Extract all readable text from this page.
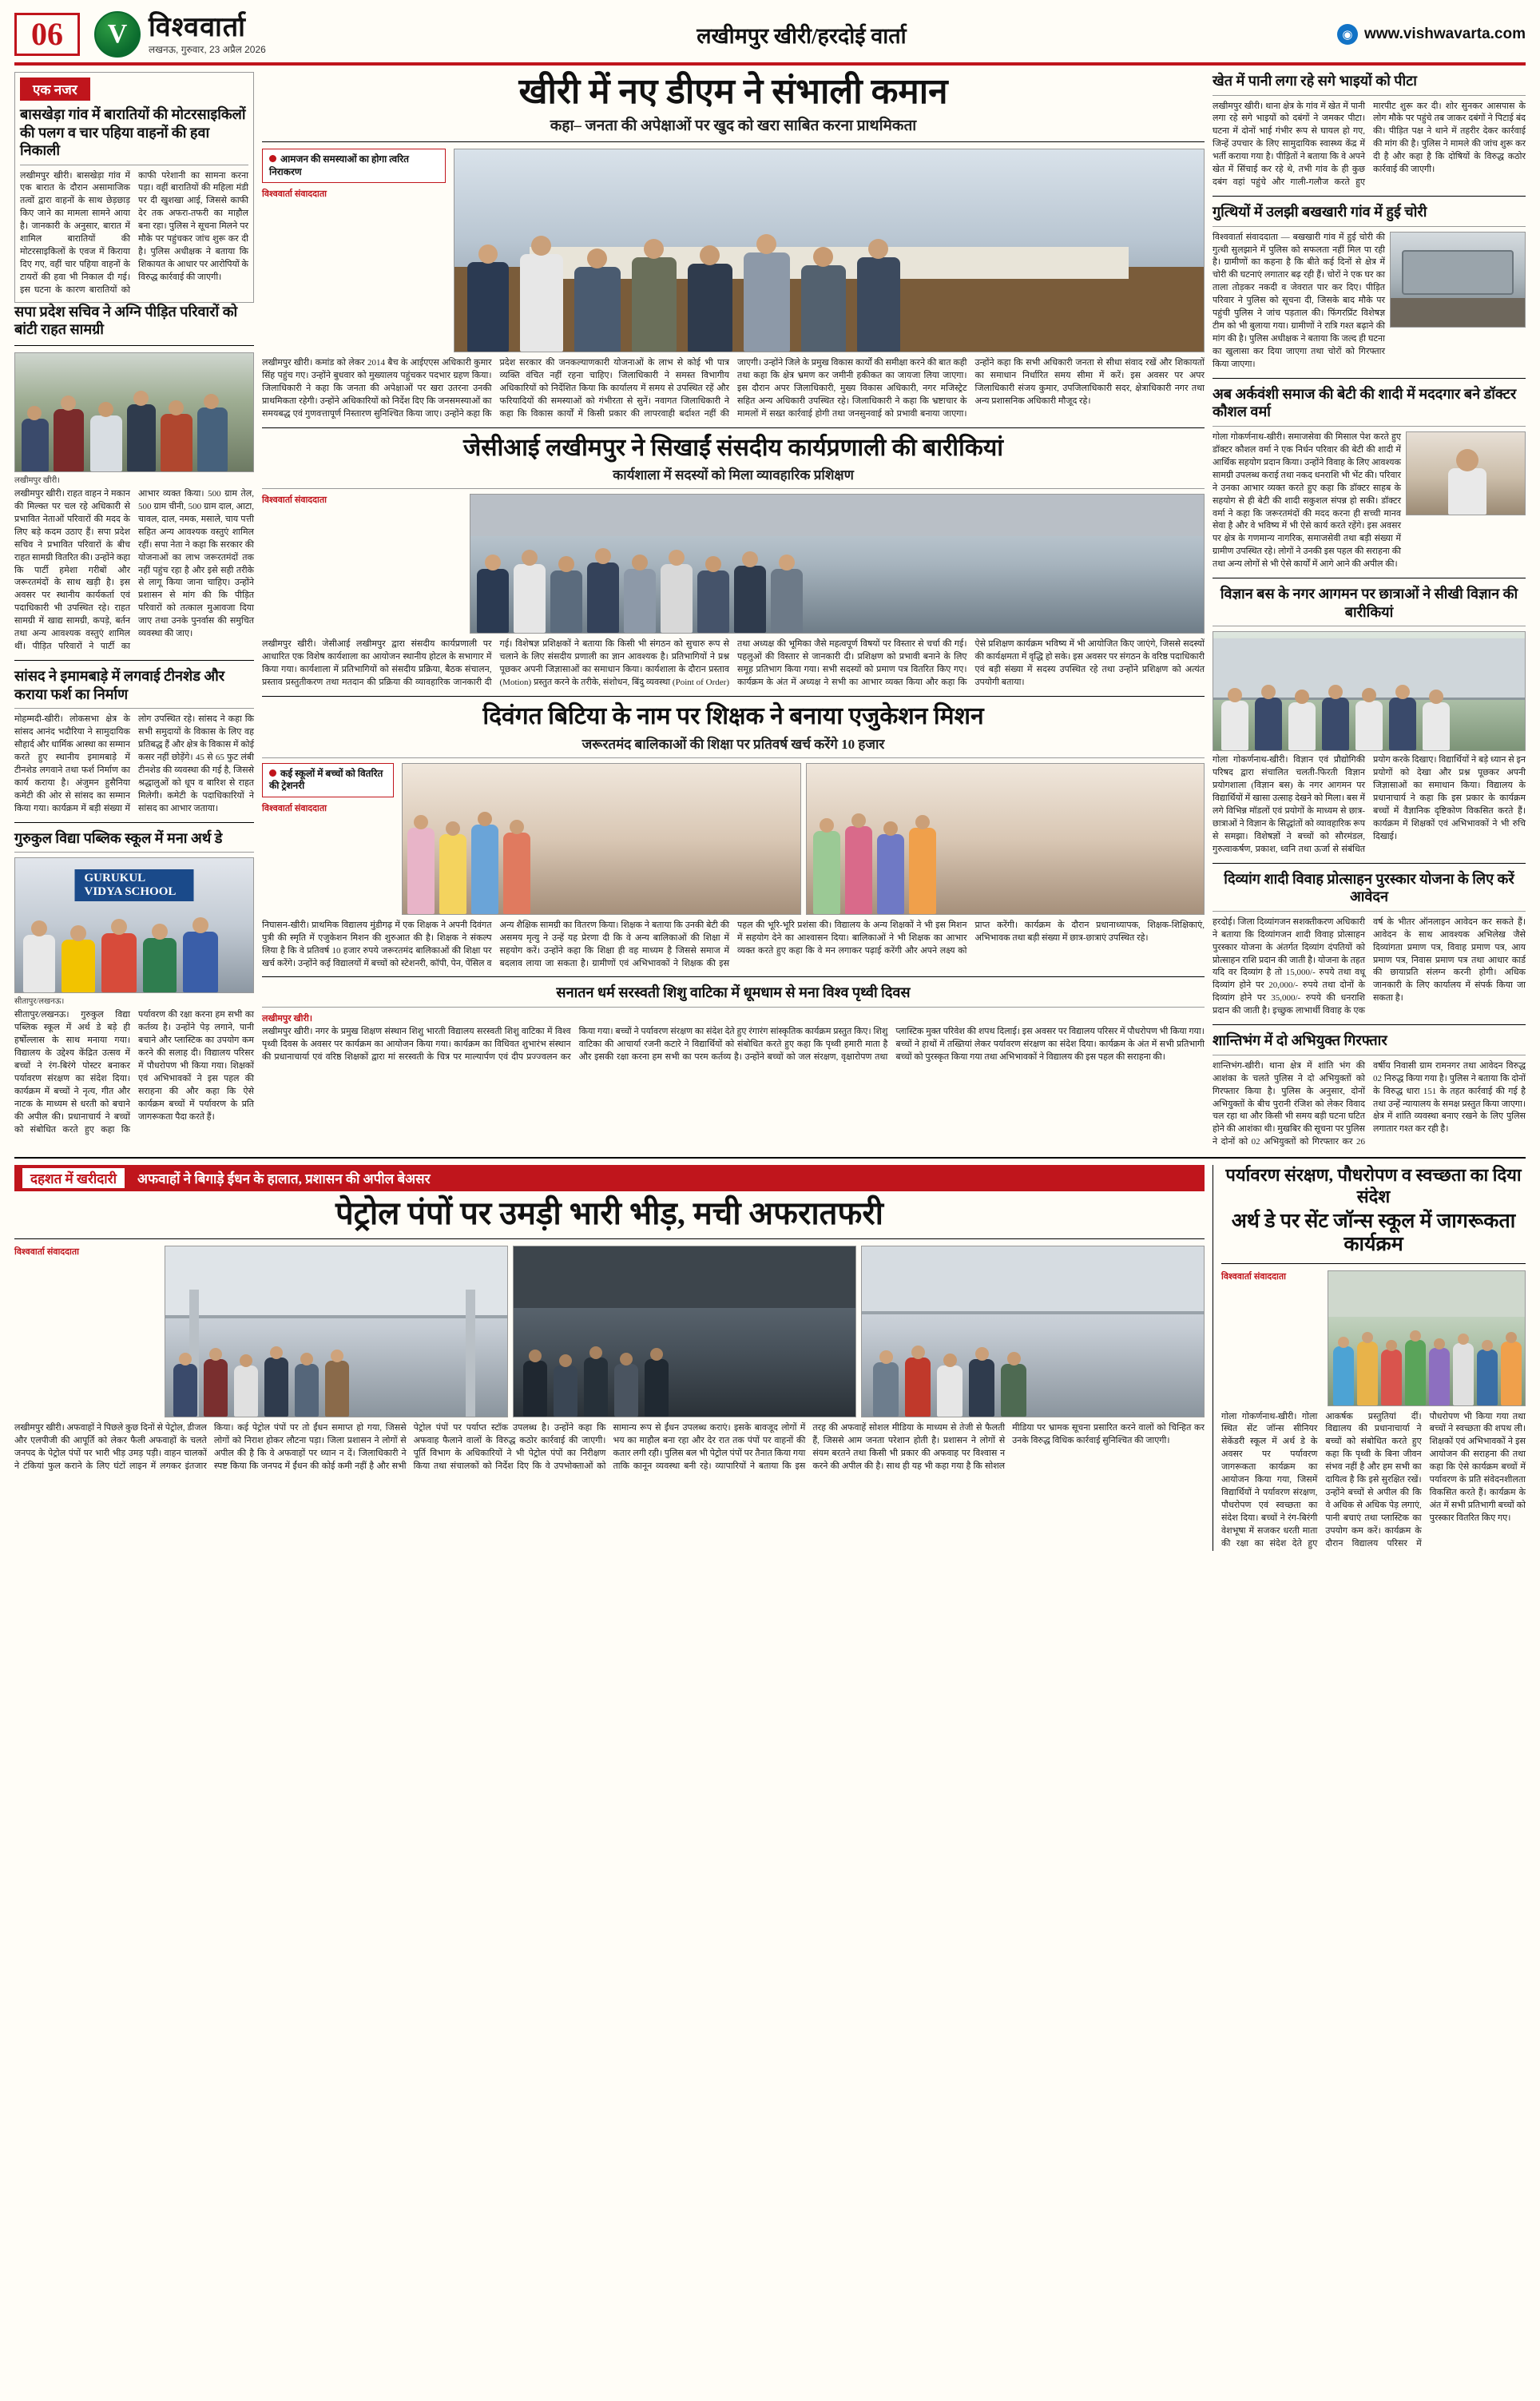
06	V विश्ववार्ता
लखनऊ, गुरुवार, 23 अप्रैल 2026
लखीमपुर खीरी/हरदोई वार्ता	◉ www.vishwavarta.com
एक नजर
बासखेड़ा गांव में बारातियों की मोटरसाइकिलों की पलग व चार पहिया वाहनों की हवा निकाली
लखीमपुर खीरी। बासखेड़ा गांव में एक बारात के दौरान असामाजिक तत्वों द्वारा वाहनों के साथ छेड़छाड़ किए जाने का मामला सामने आया है। जानकारी के अनुसार, बारात में शामिल बारातियों की मोटरसाइकिलों के एवज में किराया दिए गए, वहीं चार पहिया वाहनों के टायरों की हवा भी निकाल दी गई। इस घटना के कारण बारातियों को काफी परेशानी का सामना करना पड़ा। वहीं बारातियों की महिला मंडी पर दी खुशखा आई, जिससे काफी देर तक अफरा-तफरी का माहौल बना रहा। पुलिस ने सूचना मिलने पर मौके पर पहुंचकर जांच शुरू कर दी है। पुलिस अधीक्षक ने बताया कि शिकायत के आधार पर आरोपियों के विरुद्ध कार्रवाई की जाएगी।
सपा प्रदेश सचिव ने अग्नि पीड़ित परिवारों को बांटी राहत सामग्री
लखीमपुर खीरी।
लखीमपुर खीरी। राहत वाहन ने मकान की मिल्क्त पर चल रहे अधिकारी से प्रभावित नेताओं परिवारों की मदद के लिए बड़े कदम उठाए हैं। सपा प्रदेश सचिव ने प्रभावित परिवारों के बीच राहत सामग्री वितरित की। उन्होंने कहा कि पार्टी हमेशा गरीबों और जरूरतमंदों के साथ खड़ी है। इस अवसर पर स्थानीय कार्यकर्ता एवं पदाधिकारी भी उपस्थित रहे। राहत सामग्री में खाद्य सामग्री, कपड़े, बर्तन तथा अन्य आवश्यक वस्तुएं शामिल थीं। पीड़ित परिवारों ने पार्टी का आभार व्यक्त किया। 500 ग्राम तेल, 500 ग्राम चीनी, 500 ग्राम दाल, आटा, चावल, दाल, नमक, मसाले, चाय पत्ती सहित अन्य आवश्यक वस्तुएं शामिल रहीं। सपा नेता ने कहा कि सरकार की योजनाओं का लाभ जरूरतमंदों तक नहीं पहुंच रहा है और इसे सही तरीके से लागू किया जाना चाहिए। उन्होंने प्रशासन से मांग की कि पीड़ित परिवारों को तत्काल मुआवजा दिया जाए तथा उनके पुनर्वास की समुचित व्यवस्था की जाए।
सांसद ने इमामबाड़े में लगवाई टीनशेड और कराया फर्श का निर्माण
मोहम्मदी-खीरी। लोकसभा क्षेत्र के सांसद आनंद भदौरिया ने सामुदायिक सौहार्द और धार्मिक आस्था का सम्मान करते हुए स्थानीय इमामबाड़े में टीनशेड लगवाने तथा फर्श निर्माण का कार्य कराया है। अंजुमन हुसैनिया कमेटी की ओर से सांसद का सम्मान किया गया। कार्यक्रम में बड़ी संख्या में लोग उपस्थित रहे। सांसद ने कहा कि सभी समुदायों के विकास के लिए वह प्रतिबद्ध हैं और क्षेत्र के विकास में कोई कसर नहीं छोड़ेंगे। 45 से 65 फुट लंबी टीनशेड की व्यवस्था की गई है, जिससे श्रद्धालुओं को धूप व बारिश से राहत मिलेगी। कमेटी के पदाधिकारियों ने सांसद का आभार जताया।
गुरुकुल विद्या पब्लिक स्कूल में मना अर्थ डे
GURUKUL VIDYA SCHOOL
सीतापुर/लखनऊ।
सीतापुर/लखनऊ। गुरुकुल विद्या पब्लिक स्कूल में अर्थ डे बड़े ही हर्षोल्लास के साथ मनाया गया। विद्यालय के उद्देश्य केंद्रित उत्सव में बच्चों ने रंग-बिरंगे पोस्टर बनाकर पर्यावरण संरक्षण का संदेश दिया। कार्यक्रम में बच्चों ने नृत्य, गीत और नाटक के माध्यम से धरती को बचाने की अपील की। प्रधानाचार्य ने बच्चों को संबोधित करते हुए कहा कि पर्यावरण की रक्षा करना हम सभी का कर्तव्य है। उन्होंने पेड़ लगाने, पानी बचाने और प्लास्टिक का उपयोग कम करने की सलाह दी। विद्यालय परिसर में पौधरोपण भी किया गया। शिक्षकों एवं अभिभावकों ने इस पहल की सराहना की और कहा कि ऐसे कार्यक्रम बच्चों में पर्यावरण के प्रति जागरूकता पैदा करते हैं।
खीरी में नए डीएम ने संभाली कमान
कहा– जनता की अपेक्षाओं पर खुद को खरा साबित करना प्राथमिकता
आमजन की समस्याओं का होगा त्वरित निराकरण
विश्ववार्ता संवाददाता
लखीमपुर खीरी। कमांड को लेकर 2014 बैच के आईएएस अधिकारी कुमार सिंह पहुंच गए। उन्होंने बुधवार को मुख्यालय पहुंचकर पदभार ग्रहण किया। जिलाधिकारी ने कहा कि जनता की अपेक्षाओं पर खरा उतरना उनकी प्राथमिकता रहेगी। उन्होंने अधिकारियों को निर्देश दिए कि जनसमस्याओं का समयबद्ध एवं गुणवत्तापूर्ण निस्तारण सुनिश्चित किया जाए। उन्होंने कहा कि प्रदेश सरकार की जनकल्याणकारी योजनाओं के लाभ से कोई भी पात्र व्यक्ति वंचित नहीं रहना चाहिए। जिलाधिकारी ने समस्त विभागीय अधिकारियों को निर्देशित किया कि कार्यालय में समय से उपस्थित रहें और फरियादियों की समस्याओं को गंभीरता से सुनें। नवागत जिलाधिकारी ने कहा कि विकास कार्यों में किसी प्रकार की लापरवाही बर्दाश्त नहीं की जाएगी। उन्होंने जिले के प्रमुख विकास कार्यों की समीक्षा करने की बात कही तथा कहा कि क्षेत्र भ्रमण कर जमीनी हकीकत का जायजा लिया जाएगा। इस दौरान अपर जिलाधिकारी, मुख्य विकास अधिकारी, नगर मजिस्ट्रेट सहित अन्य अधिकारी उपस्थित रहे। जिलाधिकारी ने कहा कि भ्रष्टाचार के मामलों में सख्त कार्रवाई होगी तथा जनसुनवाई को प्रभावी बनाया जाएगा। उन्होंने कहा कि सभी अधिकारी जनता से सीधा संवाद रखें और शिकायतों का समाधान निर्धारित समय सीमा में करें। इस अवसर पर अपर जिलाधिकारी संजय कुमार, उपजिलाधिकारी सदर, क्षेत्राधिकारी नगर तथा अन्य प्रशासनिक अधिकारी मौजूद रहे।
जेसीआई लखीमपुर ने सिखाईं संसदीय कार्यप्रणाली की बारीकियां
कार्यशाला में सदस्यों को मिला व्यावहारिक प्रशिक्षण
विश्ववार्ता संवाददाता
लखीमपुर खीरी। जेसीआई लखीमपुर द्वारा संसदीय कार्यप्रणाली पर आधारित एक विशेष कार्यशाला का आयोजन स्थानीय होटल के सभागार में किया गया। कार्यशाला में प्रतिभागियों को संसदीय प्रक्रिया, बैठक संचालन, प्रस्ताव प्रस्तुतीकरण तथा मतदान की प्रक्रिया की व्यावहारिक जानकारी दी गई। विशेषज्ञ प्रशिक्षकों ने बताया कि किसी भी संगठन को सुचारु रूप से चलाने के लिए संसदीय प्रणाली का ज्ञान आवश्यक है। प्रतिभागियों ने प्रश्न पूछकर अपनी जिज्ञासाओं का समाधान किया। कार्यशाला के दौरान प्रस्ताव (Motion) प्रस्तुत करने के तरीके, संशोधन, बिंदु व्यवस्था (Point of Order) तथा अध्यक्ष की भूमिका जैसे महत्वपूर्ण विषयों पर विस्तार से चर्चा की गई। पहलुओं की विस्तार से जानकारी दी। प्रशिक्षण को प्रभावी बनाने के लिए समूह प्रतिभाग किया गया। सभी सदस्यों को प्रमाण पत्र वितरित किए गए। कार्यक्रम के अंत में अध्यक्ष ने सभी का आभार व्यक्त किया और कहा कि ऐसे प्रशिक्षण कार्यक्रम भविष्य में भी आयोजित किए जाएंगे, जिससे सदस्यों की कार्यक्षमता में वृद्धि हो सके। इस अवसर पर संगठन के वरिष्ठ पदाधिकारी एवं बड़ी संख्या में सदस्य उपस्थित रहे तथा उन्होंने प्रशिक्षण को अत्यंत उपयोगी बताया।
दिवंगत बिटिया के नाम पर शिक्षक ने बनाया एजुकेशन मिशन
जरूरतमंद बालिकाओं की शिक्षा पर प्रतिवर्ष खर्च करेंगे 10 हजार
कई स्कूलों में बच्चों को वितरित की ट्रेशनरी
विश्ववार्ता संवाददाता
निघासन-खीरी। प्राथमिक विद्यालय मुंडीगढ़ में एक शिक्षक ने अपनी दिवंगत पुत्री की स्मृति में एजुकेशन मिशन की शुरुआत की है। शिक्षक ने संकल्प लिया है कि वे प्रतिवर्ष 10 हजार रुपये जरूरतमंद बालिकाओं की शिक्षा पर खर्च करेंगे। उन्होंने कई विद्यालयों में बच्चों को स्टेशनरी, कॉपी, पेन, पेंसिल व अन्य शैक्षिक सामग्री का वितरण किया। शिक्षक ने बताया कि उनकी बेटी की असमय मृत्यु ने उन्हें यह प्रेरणा दी कि वे अन्य बालिकाओं की शिक्षा में सहयोग करें। उन्होंने कहा कि शिक्षा ही वह माध्यम है जिससे समाज में बदलाव लाया जा सकता है। ग्रामीणों एवं अभिभावकों ने शिक्षक की इस पहल की भूरि-भूरि प्रशंसा की। विद्यालय के अन्य शिक्षकों ने भी इस मिशन में सहयोग देने का आश्वासन दिया। बालिकाओं ने भी शिक्षक का आभार व्यक्त करते हुए कहा कि वे मन लगाकर पढ़ाई करेंगी और अपने लक्ष्य को प्राप्त करेंगी। कार्यक्रम के दौरान प्रधानाध्यापक, शिक्षक-शिक्षिकाएं, अभिभावक तथा बड़ी संख्या में छात्र-छात्राएं उपस्थित रहे।
सनातन धर्म सरस्वती शिशु वाटिका में धूमधाम से मना विश्व पृथ्वी दिवस
लखीमपुर खीरी।
लखीमपुर खीरी। नगर के प्रमुख शिक्षण संस्थान शिशु भारती विद्यालय सरस्वती शिशु वाटिका में विश्व पृथ्वी दिवस के अवसर पर कार्यक्रम का आयोजन किया गया। कार्यक्रम का विधिवत शुभारंभ संस्थान की प्रधानाचार्या एवं वरिष्ठ शिक्षकों द्वारा मां सरस्वती के चित्र पर माल्यार्पण एवं दीप प्रज्ज्वलन कर किया गया। बच्चों ने पर्यावरण संरक्षण का संदेश देते हुए रंगारंग सांस्कृतिक कार्यक्रम प्रस्तुत किए। शिशु वाटिका की आचार्या रजनी कटारे ने विद्यार्थियों को संबोधित करते हुए कहा कि पृथ्वी हमारी माता है और इसकी रक्षा करना हम सभी का परम कर्तव्य है। उन्होंने बच्चों को जल संरक्षण, वृक्षारोपण तथा प्लास्टिक मुक्त परिवेश की शपथ दिलाई। इस अवसर पर विद्यालय परिसर में पौधरोपण भी किया गया। बच्चों ने हाथों में तख्तियां लेकर पर्यावरण संरक्षण का संदेश दिया। कार्यक्रम के अंत में सभी प्रतिभागी बच्चों को पुरस्कृत किया गया तथा अभिभावकों ने विद्यालय की इस पहल की सराहना की।
खेत में पानी लगा रहे सगे भाइयों को पीटा
लखीमपुर खीरी। थाना क्षेत्र के गांव में खेत में पानी लगा रहे सगे भाइयों को दबंगों ने जमकर पीटा। घटना में दोनों भाई गंभीर रूप से घायल हो गए, जिन्हें उपचार के लिए सामुदायिक स्वास्थ्य केंद्र में भर्ती कराया गया है। पीड़ितों ने बताया कि वे अपने खेत में सिंचाई कर रहे थे, तभी गांव के ही कुछ दबंग वहां पहुंचे और गाली-गलौज करते हुए मारपीट शुरू कर दी। शोर सुनकर आसपास के लोग मौके पर पहुंचे तब जाकर दबंगों ने पिटाई बंद की। पीड़ित पक्ष ने थाने में तहरीर देकर कार्रवाई की मांग की है। पुलिस ने मामले की जांच शुरू कर दी है और कहा है कि दोषियों के विरुद्ध कठोर कार्रवाई की जाएगी।
गुत्थियों में उलझी बखखारी गांव में हुई चोरी
विश्ववार्ता संवाददाता — बखखारी गांव में हुई चोरी की गुत्थी सुलझाने में पुलिस को सफलता नहीं मिल पा रही है। ग्रामीणों का कहना है कि बीते कई दिनों से क्षेत्र में चोरी की घटनाएं लगातार बढ़ रही हैं। चोरों ने एक घर का ताला तोड़कर नकदी व जेवरात पार कर दिए। पीड़ित परिवार ने पुलिस को सूचना दी, जिसके बाद मौके पर पहुंची पुलिस ने जांच पड़ताल की। फिंगरप्रिंट विशेषज्ञ टीम को भी बुलाया गया। ग्रामीणों ने रात्रि गश्त बढ़ाने की मांग की है। पुलिस अधीक्षक ने बताया कि जल्द ही घटना का खुलासा कर दिया जाएगा तथा चोरों को गिरफ्तार किया जाएगा।
अब अर्कवंशी समाज की बेटी की शादी में मददगार बने डॉक्टर कौशल वर्मा
गोला गोकर्णनाथ-खीरी। समाजसेवा की मिसाल पेश करते हुए डॉक्टर कौशल वर्मा ने एक निर्धन परिवार की बेटी की शादी में आर्थिक सहयोग प्रदान किया। उन्होंने विवाह के लिए आवश्यक सामग्री उपलब्ध कराई तथा नकद धनराशि भी भेंट की। परिवार ने उनका आभार व्यक्त करते हुए कहा कि डॉक्टर साहब के सहयोग से ही बेटी की शादी सकुशल संपन्न हो सकी। डॉक्टर वर्मा ने कहा कि जरूरतमंदों की मदद करना ही सच्ची मानव सेवा है और वे भविष्य में भी ऐसे कार्य करते रहेंगे। इस अवसर पर क्षेत्र के गणमान्य नागरिक, समाजसेवी तथा बड़ी संख्या में ग्रामीण उपस्थित रहे। लोगों ने उनकी इस पहल की सराहना की तथा अन्य लोगों से भी ऐसे कार्यों में आगे आने की अपील की।
विज्ञान बस के नगर आगमन पर छात्राओं ने सीखी विज्ञान की बारीकियां
गोला गोकर्णनाथ-खीरी। विज्ञान एवं प्रौद्योगिकी परिषद द्वारा संचालित चलती-फिरती विज्ञान प्रयोगशाला (विज्ञान बस) के नगर आगमन पर विद्यार्थियों में खासा उत्साह देखने को मिला। बस में लगे विभिन्न मॉडलों एवं प्रयोगों के माध्यम से छात्र-छात्राओं ने विज्ञान के सिद्धांतों को व्यावहारिक रूप से समझा। विशेषज्ञों ने बच्चों को सौरमंडल, गुरुत्वाकर्षण, प्रकाश, ध्वनि तथा ऊर्जा से संबंधित प्रयोग करके दिखाए। विद्यार्थियों ने बड़े ध्यान से इन प्रयोगों को देखा और प्रश्न पूछकर अपनी जिज्ञासाओं का समाधान किया। विद्यालय के प्रधानाचार्य ने कहा कि इस प्रकार के कार्यक्रम बच्चों में वैज्ञानिक दृष्टिकोण विकसित करते हैं। कार्यक्रम में शिक्षकों एवं अभिभावकों ने भी रुचि दिखाई।
दिव्यांग शादी विवाह प्रोत्साहन पुरस्कार योजना के लिए करें आवेदन
हरदोई। जिला दिव्यांगजन सशक्तीकरण अधिकारी ने बताया कि दिव्यांगजन शादी विवाह प्रोत्साहन पुरस्कार योजना के अंतर्गत दिव्यांग दंपतियों को प्रोत्साहन राशि प्रदान की जाती है। योजना के तहत यदि वर दिव्यांग है तो 15,000/- रुपये तथा वधू दिव्यांग होने पर 20,000/- रुपये तथा दोनों के दिव्यांग होने पर 35,000/- रुपये की धनराशि प्रदान की जाती है। इच्छुक लाभार्थी विवाह के एक वर्ष के भीतर ऑनलाइन आवेदन कर सकते हैं। आवेदन के साथ आवश्यक अभिलेख जैसे दिव्यांगता प्रमाण पत्र, विवाह प्रमाण पत्र, आय प्रमाण पत्र, निवास प्रमाण पत्र तथा आधार कार्ड की छायाप्रति संलग्न करनी होगी। अधिक जानकारी के लिए कार्यालय में संपर्क किया जा सकता है।
शान्तिभंग में दो अभियुक्त गिरफ्तार
शान्तिभंग-खीरी। थाना क्षेत्र में शांति भंग की आशंका के चलते पुलिस ने दो अभियुक्तों को गिरफ्तार किया है। पुलिस के अनुसार, दोनों अभियुक्तों के बीच पुरानी रंजिश को लेकर विवाद चल रहा था और किसी भी समय बड़ी घटना घटित होने की आशंका थी। मुखबिर की सूचना पर पुलिस ने दोनों को 02 अभियुक्तों को गिरफ्तार कर 26 वर्षीय निवासी ग्राम रामनगर तथा आवेदन विरुद्ध 02 निरुद्ध किया गया है। पुलिस ने बताया कि दोनों के विरुद्ध धारा 151 के तहत कार्रवाई की गई है तथा उन्हें न्यायालय के समक्ष प्रस्तुत किया जाएगा। क्षेत्र में शांति व्यवस्था बनाए रखने के लिए पुलिस लगातार गश्त कर रही है।
दहशत में खरीदारी	अफवाहों ने बिगाड़े ईंधन के हालात, प्रशासन की अपील बेअसर
पेट्रोल पंपों पर उमड़ी भारी भीड़, मची अफरातफरी
विश्ववार्ता संवाददाता
लखीमपुर खीरी। अफवाहों ने पिछले कुछ दिनों से पेट्रोल, डीजल और एलपीजी की आपूर्ति को लेकर फैली अफवाहों के चलते जनपद के पेट्रोल पंपों पर भारी भीड़ उमड़ पड़ी। वाहन चालकों ने टंकियां फुल कराने के लिए घंटों लाइन में लगकर इंतजार किया। कई पेट्रोल पंपों पर तो ईंधन समाप्त हो गया, जिससे लोगों को निराश होकर लौटना पड़ा। जिला प्रशासन ने लोगों से अपील की है कि वे अफवाहों पर ध्यान न दें। जिलाधिकारी ने स्पष्ट किया कि जनपद में ईंधन की कोई कमी नहीं है और सभी पेट्रोल पंपों पर पर्याप्त स्टॉक उपलब्ध है। उन्होंने कहा कि अफवाह फैलाने वालों के विरुद्ध कठोर कार्रवाई की जाएगी। पूर्ति विभाग के अधिकारियों ने भी पेट्रोल पंपों का निरीक्षण किया तथा संचालकों को निर्देश दिए कि वे उपभोक्ताओं को सामान्य रूप से ईंधन उपलब्ध कराएं। इसके बावजूद लोगों में भय का माहौल बना रहा और देर रात तक पंपों पर वाहनों की कतार लगी रही। पुलिस बल भी पेट्रोल पंपों पर तैनात किया गया ताकि कानून व्यवस्था बनी रहे। व्यापारियों ने बताया कि इस तरह की अफवाहें सोशल मीडिया के माध्यम से तेजी से फैलती हैं, जिससे आम जनता परेशान होती है। प्रशासन ने लोगों से संयम बरतने तथा किसी भी प्रकार की अफवाह पर विश्वास न करने की अपील की है। साथ ही यह भी कहा गया है कि सोशल मीडिया पर भ्रामक सूचना प्रसारित करने वालों को चिन्हित कर उनके विरुद्ध विधिक कार्रवाई सुनिश्चित की जाएगी।
पर्यावरण संरक्षण, पौधरोपण व स्वच्छता का दिया संदेश
अर्थ डे पर सेंट जॉन्स स्कूल में जागरूकता कार्यक्रम
विश्ववार्ता संवाददाता
गोला गोकर्णनाथ-खीरी। गोला स्थित सेंट जॉन्स सीनियर सेकेंडरी स्कूल में अर्थ डे के अवसर पर पर्यावरण जागरूकता कार्यक्रम का आयोजन किया गया, जिसमें विद्यार्थियों ने पर्यावरण संरक्षण, पौधरोपण एवं स्वच्छता का संदेश दिया। बच्चों ने रंग-बिरंगी वेशभूषा में सजकर धरती माता की रक्षा का संदेश देते हुए आकर्षक प्रस्तुतियां दीं। विद्यालय की प्रधानाचार्या ने बच्चों को संबोधित करते हुए कहा कि पृथ्वी के बिना जीवन संभव नहीं है और हम सभी का दायित्व है कि इसे सुरक्षित रखें। उन्होंने बच्चों से अपील की कि वे अधिक से अधिक पेड़ लगाएं, पानी बचाएं तथा प्लास्टिक का उपयोग कम करें। कार्यक्रम के दौरान विद्यालय परिसर में पौधरोपण भी किया गया तथा बच्चों ने स्वच्छता की शपथ ली। शिक्षकों एवं अभिभावकों ने इस आयोजन की सराहना की तथा कहा कि ऐसे कार्यक्रम बच्चों में पर्यावरण के प्रति संवेदनशीलता विकसित करते हैं। कार्यक्रम के अंत में सभी प्रतिभागी बच्चों को पुरस्कार वितरित किए गए।
